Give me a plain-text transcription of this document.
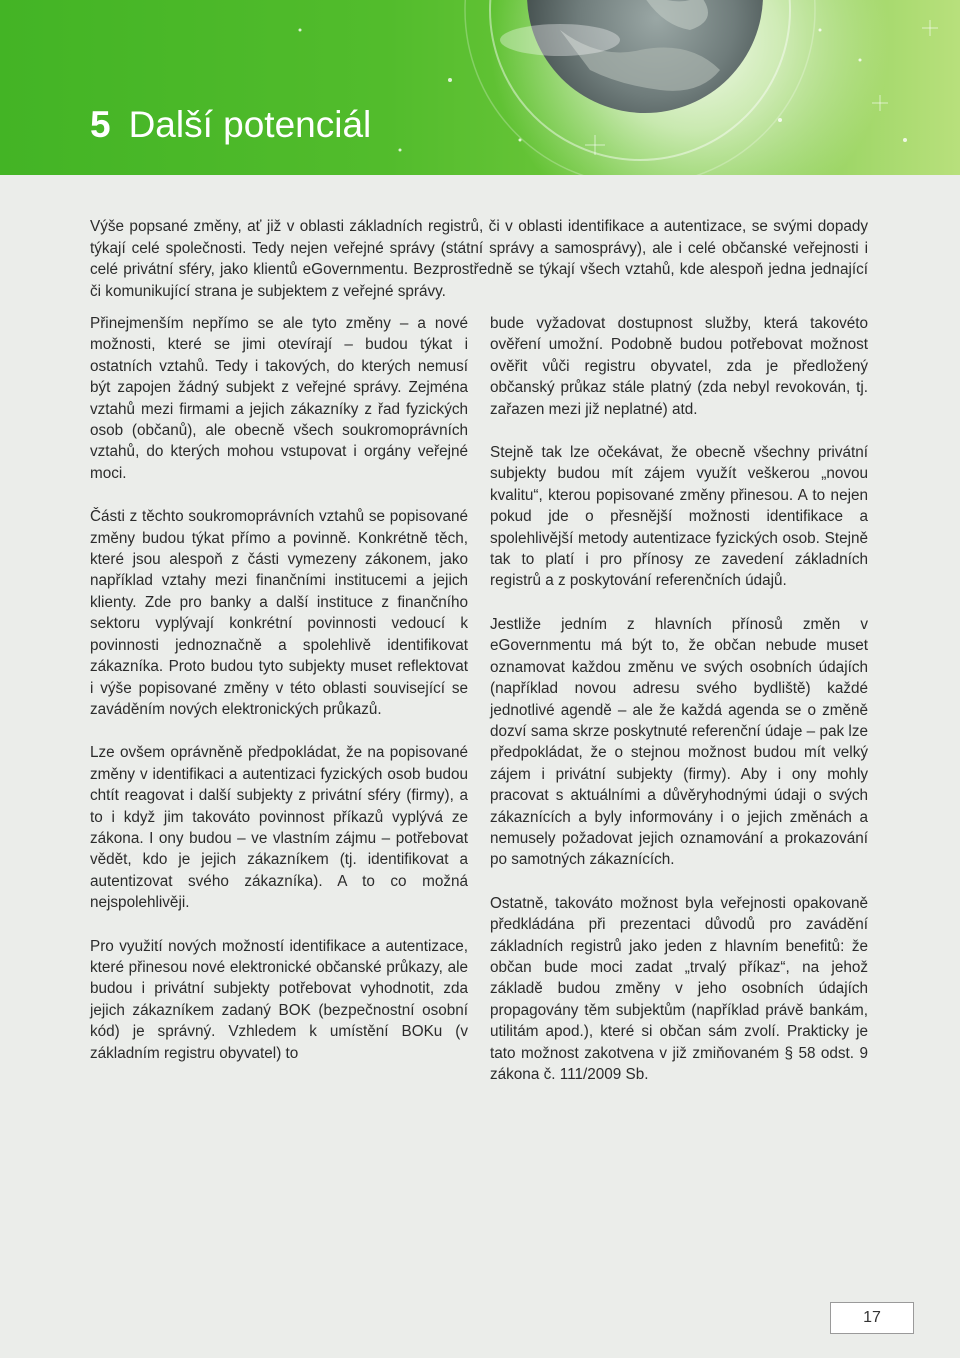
5 Další potenciál

Výše popsané změny, ať již v oblasti základních registrů, či v oblasti identifikace a autentizace, se svými dopady týkají celé společnosti. Tedy nejen veřejné správy (státní správy a samosprávy), ale i celé občanské veřejnosti i celé privátní sféry, jako klientů eGovernmentu. Bezprostředně se týkají všech vztahů, kde alespoň jedna jednající či komunikující strana je subjektem z veřejné správy.

Přinejmenším nepřímo se ale tyto změny – a nové možnosti, které se jimi otevírají – budou týkat i ostatních vztahů. Tedy i takových, do kterých nemusí být zapojen žádný subjekt z veřejné správy. Zejména vztahů mezi firmami a jejich zákazníky z řad fyzických osob (občanů), ale obecně všech soukromoprávních vztahů, do kterých mohou vstupovat i orgány veřejné moci.

Části z těchto soukromoprávních vztahů se popisované změny budou týkat přímo a povinně. Konkrétně těch, které jsou alespoň z části vymezeny zákonem, jako například vztahy mezi finančními institucemi a jejich klienty. Zde pro banky a další instituce z finančního sektoru vyplývají konkrétní povinnosti vedoucí k povinnosti jednoznačně a spolehlivě identifikovat zákazníka. Proto budou tyto subjekty muset reflektovat i výše popisované změny v této oblasti související se zaváděním nových elektronických průkazů.

Lze ovšem oprávněně předpokládat, že na popisované změny v identifikaci a autentizaci fyzických osob budou chtít reagovat i další subjekty z privátní sféry (firmy), a to i když jim takováto povinnost příkazů vyplývá ze zákona. I ony budou – ve vlastním zájmu – potřebovat vědět, kdo je jejich zákazníkem (tj. identifikovat a autentizovat svého zákazníka). A to co možná nejspolehlivěji.

Pro využití nových možností identifikace a autentizace, které přinesou nové elektronické občanské průkazy, ale budou i privátní subjekty potřebovat vyhodnotit, zda jejich zákazníkem zadaný BOK (bezpečnostní osobní kód) je správný. Vzhledem k umístění BOKu (v základním registru obyvatel) to

bude vyžadovat dostupnost služby, která takovéto ověření umožní. Podobně budou potřebovat možnost ověřit vůči registru obyvatel, zda je předložený občanský průkaz stále platný (zda nebyl revokován, tj. zařazen mezi již neplatné) atd.

Stejně tak lze očekávat, že obecně všechny privátní subjekty budou mít zájem využít veškerou „novou kvalitu“, kterou popisované změny přinesou. A to nejen pokud jde o přesnější možnosti identifikace a spolehlivější metody autentizace fyzických osob. Stejně tak to platí i pro přínosy ze zavedení základních registrů a z poskytování referenčních údajů.

Jestliže jedním z hlavních přínosů změn v eGovernmentu má být to, že občan nebude muset oznamovat každou změnu ve svých osobních údajích (například novou adresu svého bydliště) každé jednotlivé agendě – ale že každá agenda se o změně dozví sama skrze poskytnuté referenční údaje – pak lze předpokládat, že o stejnou možnost budou mít velký zájem i privátní subjekty (firmy). Aby i ony mohly pracovat s aktuálními a důvěryhodnými údaji o svých zákaznících a byly informovány i o jejich změnách a nemusely požadovat jejich oznamování a prokazování po samotných zákaznících.

Ostatně, takováto možnost byla veřejnosti opakovaně předkládána při prezentaci důvodů pro zavádění základních registrů jako jeden z hlavním benefitů: že občan bude moci zadat „trvalý příkaz“, na jehož základě budou změny v jeho osobních údajích propagovány těm subjektům (například právě bankám, utilitám apod.), které si občan sám zvolí. Prakticky je tato možnost zakotvena v již zmiňovaném § 58 odst. 9 zákona č. 111/2009 Sb.

17
